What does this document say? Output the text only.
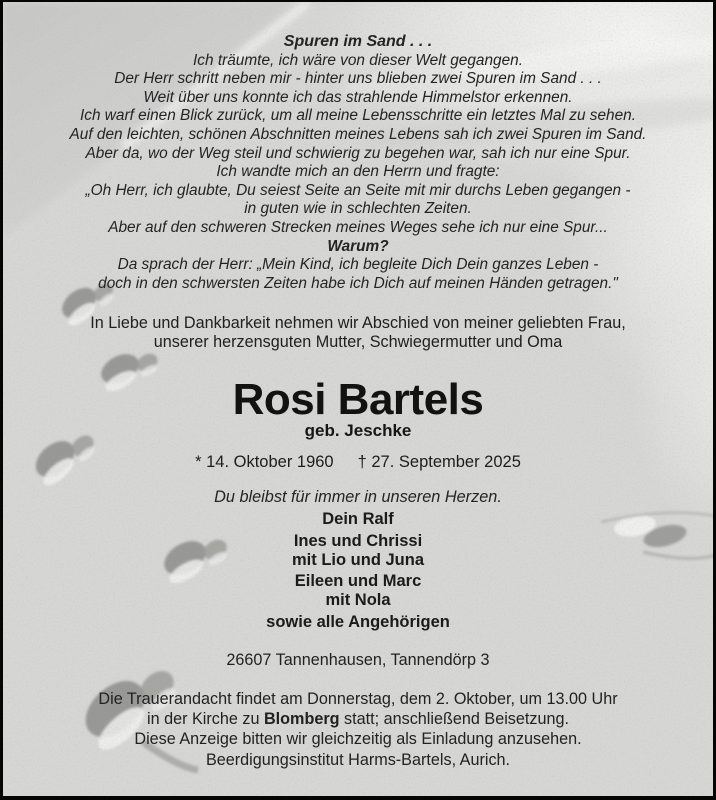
Spuren im Sand . . .
Ich träumte, ich wäre von dieser Welt gegangen.
Der Herr schritt neben mir - hinter uns blieben zwei Spuren im Sand . . .
Weit über uns konnte ich das strahlende Himmelstor erkennen.
Ich warf einen Blick zurück, um all meine Lebensschritte ein letztes Mal zu sehen.
Auf den leichten, schönen Abschnitten meines Lebens sah ich zwei Spuren im Sand.
Aber da, wo der Weg steil und schwierig zu begehen war, sah ich nur eine Spur.
Ich wandte mich an den Herrn und fragte:
„Oh Herr, ich glaubte, Du seiest Seite an Seite mit mir durchs Leben gegangen -
in guten wie in schlechten Zeiten.
Aber auf den schweren Strecken meines Weges sehe ich nur eine Spur...
Warum?
Da sprach der Herr: „Mein Kind, ich begleite Dich Dein ganzes Leben -
doch in den schwersten Zeiten habe ich Dich auf meinen Händen getragen."
In Liebe und Dankbarkeit nehmen wir Abschied von meiner geliebten Frau,
unserer herzensguten Mutter, Schwiegermutter und Oma
Rosi Bartels
geb. Jeschke
* 14. Oktober 1960 † 27. September 2025
Du bleibst für immer in unseren Herzen.
Dein Ralf
Ines und Chrissi
mit Lio und Juna
Eileen und Marc
mit Nola
sowie alle Angehörigen
26607 Tannenhausen, Tannendörp 3
Die Trauerandacht findet am Donnerstag, dem 2. Oktober, um 13.00 Uhr
in der Kirche zu Blomberg statt; anschließend Beisetzung.
Diese Anzeige bitten wir gleichzeitig als Einladung anzusehen.
Beerdigungsinstitut Harms-Bartels, Aurich.
